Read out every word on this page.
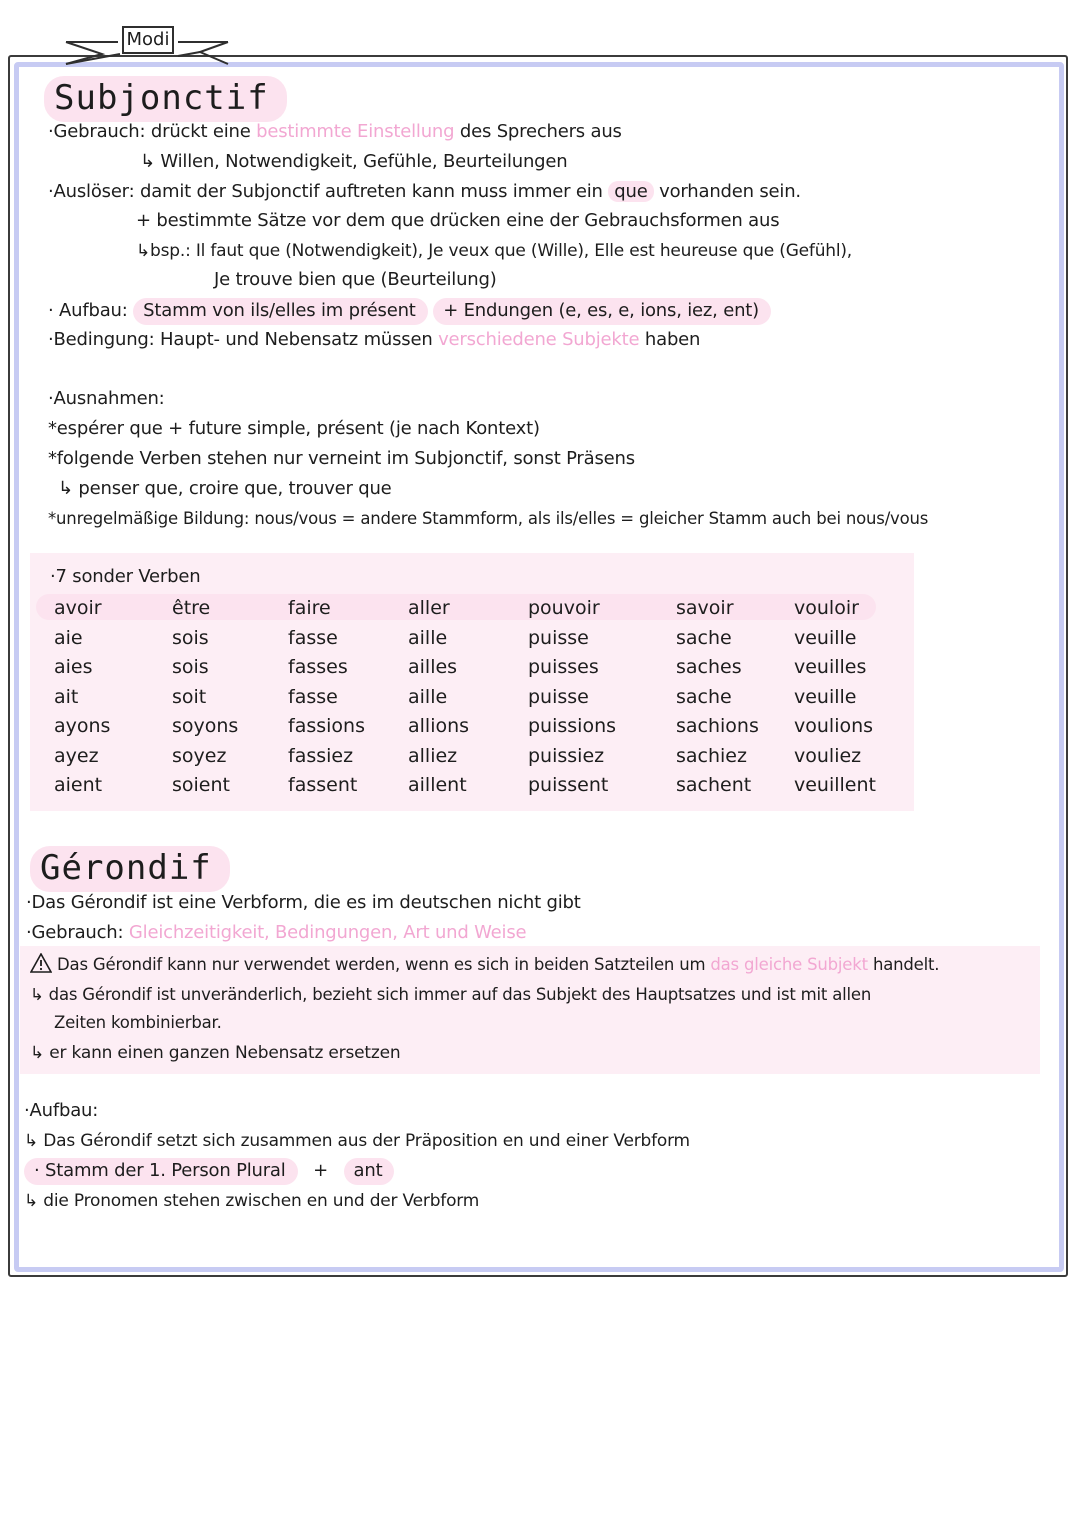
Modi
Subjonctif
·Gebrauch: drückt eine bestimmte Einstellung des Sprechers aus
↳ Willen, Notwendigkeit, Gefühle, Beurteilungen
·Auslöser: damit der Subjonctif auftreten kann muss immer ein que vorhanden sein.
+ bestimmte Sätze vor dem que drücken eine der Gebrauchsformen aus
↳bsp.: Il faut que (Notwendigkeit), Je veux que (Wille), Elle est heureuse que (Gefühl),
Je trouve bien que (Beurteilung)
· Aufbau: Stamm von ils/elles im présent + Endungen (e, es, e, ions, iez, ent)
·Bedingung: Haupt- und Nebensatz müssen verschiedene Subjekte haben
·Ausnahmen:
*espérer que + future simple, présent (je nach Kontext)
*folgende Verben stehen nur verneint im Subjonctif, sonst Präsens
↳ penser que, croire que, trouver que
*unregelmäßige Bildung: nous/vous = andere Stammform, als ils/elles = gleicher Stamm auch bei nous/vous
·7 sonder Verben
avoir
aie
aies
ait
ayons
ayez
aient
être
sois
sois
soit
soyons
soyez
soient
faire
fasse
fasses
fasse
fassions
fassiez
fassent
aller
aille
ailles
aille
allions
alliez
aillent
pouvoir
puisse
puisses
puisse
puissions
puissiez
puissent
savoir
sache
saches
sache
sachions
sachiez
sachent
vouloir
veuille
veuilles
veuille
voulions
vouliez
veuillent
Gérondif
·Das Gérondif ist eine Verbform, die es im deutschen nicht gibt
·Gebrauch: Gleichzeitigkeit, Bedingungen, Art und Weise
Das Gérondif kann nur verwendet werden, wenn es sich in beiden Satzteilen um das gleiche Subjekt handelt.
↳ das Gérondif ist unveränderlich, bezieht sich immer auf das Subjekt des Hauptsatzes und ist mit allen
Zeiten kombinierbar.
↳ er kann einen ganzen Nebensatz ersetzen
·Aufbau:
↳ Das Gérondif setzt sich zusammen aus der Präposition en und einer Verbform
· Stamm der 1. Person Plural + ant
↳ die Pronomen stehen zwischen en und der Verbform
